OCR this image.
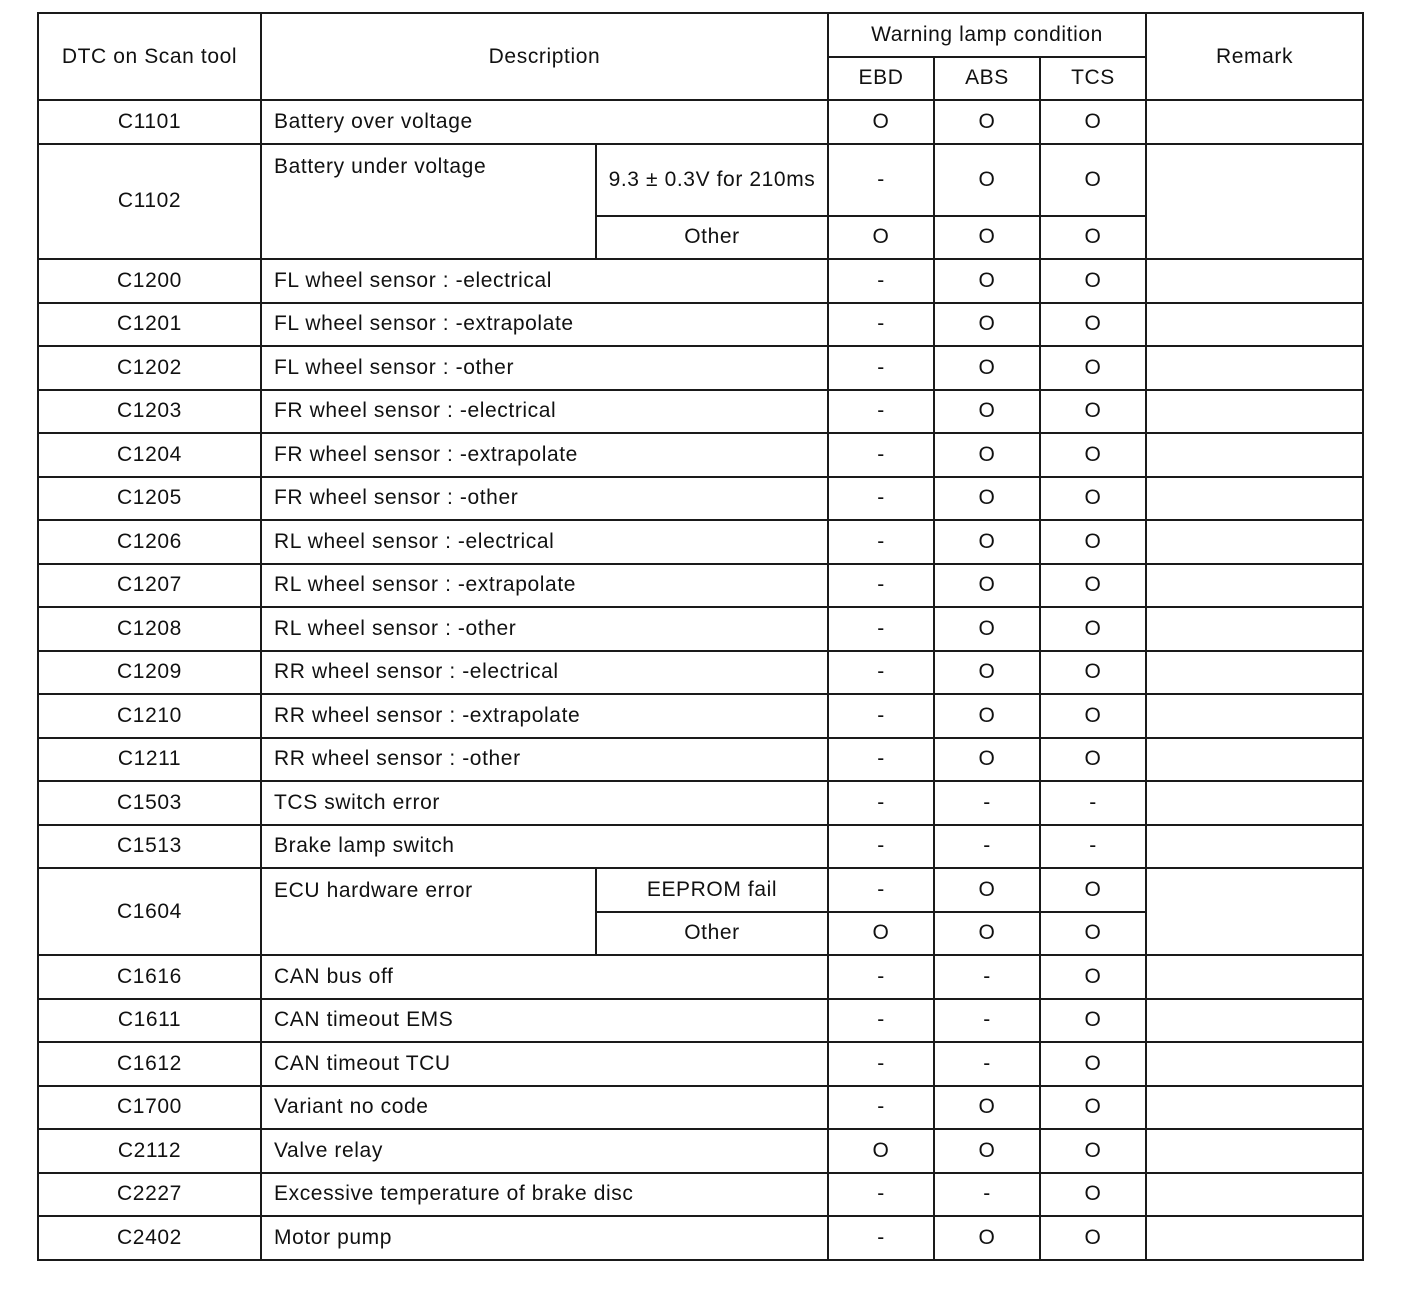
DTC on Scan tool	Description		Warning lamp condition			Remark
			EBD	ABS	TCS	
C1101	Battery over voltage		O	O	O	
C1102	Battery under voltage	9.3 ± 0.3V for 210ms	-	O	O	
		Other	O	O	O	
C1200	FL wheel sensor : -electrical		-	O	O	
C1201	FL wheel sensor : -extrapolate		-	O	O	
C1202	FL wheel sensor : -other		-	O	O	
C1203	FR wheel sensor : -electrical		-	O	O	
C1204	FR wheel sensor : -extrapolate		-	O	O	
C1205	FR wheel sensor : -other		-	O	O	
C1206	RL wheel sensor : -electrical		-	O	O	
C1207	RL wheel sensor : -extrapolate		-	O	O	
C1208	RL wheel sensor : -other		-	O	O	
C1209	RR wheel sensor : -electrical		-	O	O	
C1210	RR wheel sensor : -extrapolate		-	O	O	
C1211	RR wheel sensor : -other		-	O	O	
C1503	TCS switch error		-	-	-	
C1513	Brake lamp switch		-	-	-	
C1604	ECU hardware error	EEPROM fail	-	O	O	
		Other	O	O	O	
C1616	CAN bus off		-	-	O	
C1611	CAN timeout EMS		-	-	O	
C1612	CAN timeout TCU		-	-	O	
C1700	Variant no code		-	O	O	
C2112	Valve relay		O	O	O	
C2227	Excessive temperature of brake disc		-	-	O	
C2402	Motor pump		-	O	O	
